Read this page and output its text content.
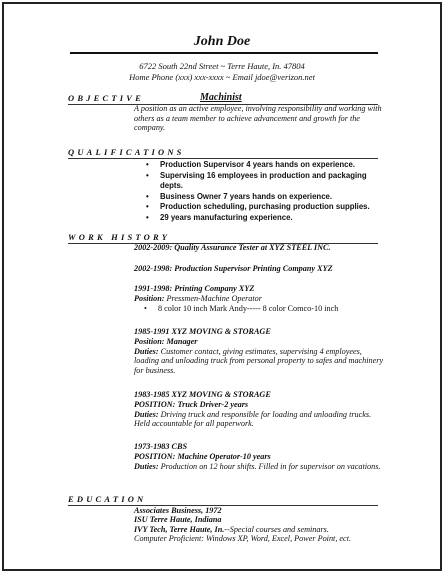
John Doe
6722 South 22nd Street ~ Terre Haute, In. 47804
Home Phone (xxx) xxx-xxxx ~ Email jdoe@verizon.net
OBJECTIVE	Machinist
A position as an active employee, involving responsibility and working with others as a team member to achieve advancement and growth for the company.
QUALIFICATIONS
• Production Supervisor 4 years hands on experience.
• Supervising 16 employees in production and packaging depts.
• Business Owner 7 years hands on experience.
• Production scheduling, purchasing production supplies.
• 29 years manufacturing experience.
WORK HISTORY
2002-2009: Quality Assurance Tester at XYZ STEEL INC.
2002-1998: Production Supervisor Printing Company XYZ
1991-1998: Printing Company XYZ
Position: Pressmen-Machine Operator
• 8 color 10 inch Mark Andy----- 8 color Comco-10 inch
1985-1991 XYZ MOVING & STORAGE
Position: Manager
Duties: Customer contact, giving estimates, supervising 4 employees, loading and unloading truck from personal property to safes and machinery for business.
1983-1985 XYZ MOVING & STORAGE
POSITION: Truck Driver-2 years
Duties: Driving truck and responsible for loading and unloading trucks. Held accountable for all paperwork.
1973-1983 CBS
POSITION: Machine Operator-10 years
Duties: Production on 12 hour shifts. Filled in for supervisor on vacations.
EDUCATION
Associates Business, 1972
ISU Terre Haute, Indiana
IVY Tech, Terre Haute, In.--Special courses and seminars.
Computer Proficient: Windows XP, Word, Excel, Power Point, ect.
